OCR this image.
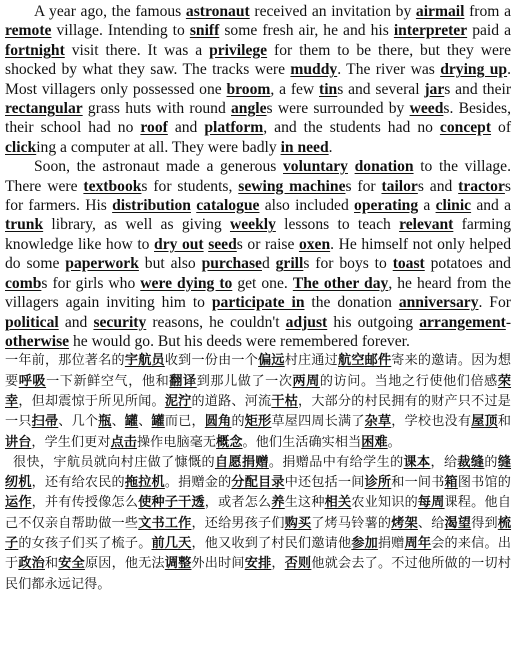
A year ago, the famous astronaut received an invitation by airmail from a remote village. Intending to sniff some fresh air, he and his interpreter paid a fortnight visit there. It was a privilege for them to be there, but they were shocked by what they saw. The tracks were muddy. The river was drying up. Most villagers only possessed one broom, a few tins and several jars and their rectangular grass huts with round angles were surrounded by weeds. Besides, their school had no roof and platform, and the students had no concept of clicking a computer at all. They were badly in need.

Soon, the astronaut made a generous voluntary donation to the village. There were textbooks for students, sewing machines for tailors and tractors for farmers. His distribution catalogue also included operating a clinic and a trunk library, as well as giving weekly lessons to teach relevant farming knowledge like how to dry out seeds or raise oxen. He himself not only helped do some paperwork but also purchased grills for boys to toast potatoes and combs for girls who were dying to get one. The other day, he heard from the villagers again inviting him to participate in the donation anniversary. For political and security reasons, he couldn't adjust his outgoing arrangement-otherwise he would go. But his deeds were remembered forever.

一年前，那位著名的宇航员收到一份由一个偏远村庄通过航空邮件寄来的邀请。因为想要呼吸一下新鲜空气，他和翻译到那儿做了一次两周的访问。当地之行使他们倍感荣幸，但却震惊于所见所闻。泥泞的道路、河流干枯，大部分的村民拥有的财产只不过是一只扫帚、几个瓶、罐、罐而已，圆角的矩形草屋四周长满了杂草，学校也没有屋顶和讲台，学生们更对点击操作电脑毫无概念。他们生活确实相当困难。

很快，宇航员就向村庄做了慷慨的自愿捐赠。捐赠品中有给学生的课本，给裁缝的缝纫机，还有给农民的拖拉机。捐赠金的分配目录中还包括一间诊所和一间书箱图书馆的运作，并有传授像怎么使种子干透，或者怎么养生这种相关农业知识的每周课程。他自己不仅亲自帮助做一些文书工作，还给男孩子们购买了烤马铃薯的烤架、给渴望得到梳子的女孩子们买了梳子。前几天，他又收到了村民们邀请他参加捐赠周年会的来信。出于政治和安全原因，他无法调整外出时间安排，否则他就会去了。不过他所做的一切村民们都永远记得。
